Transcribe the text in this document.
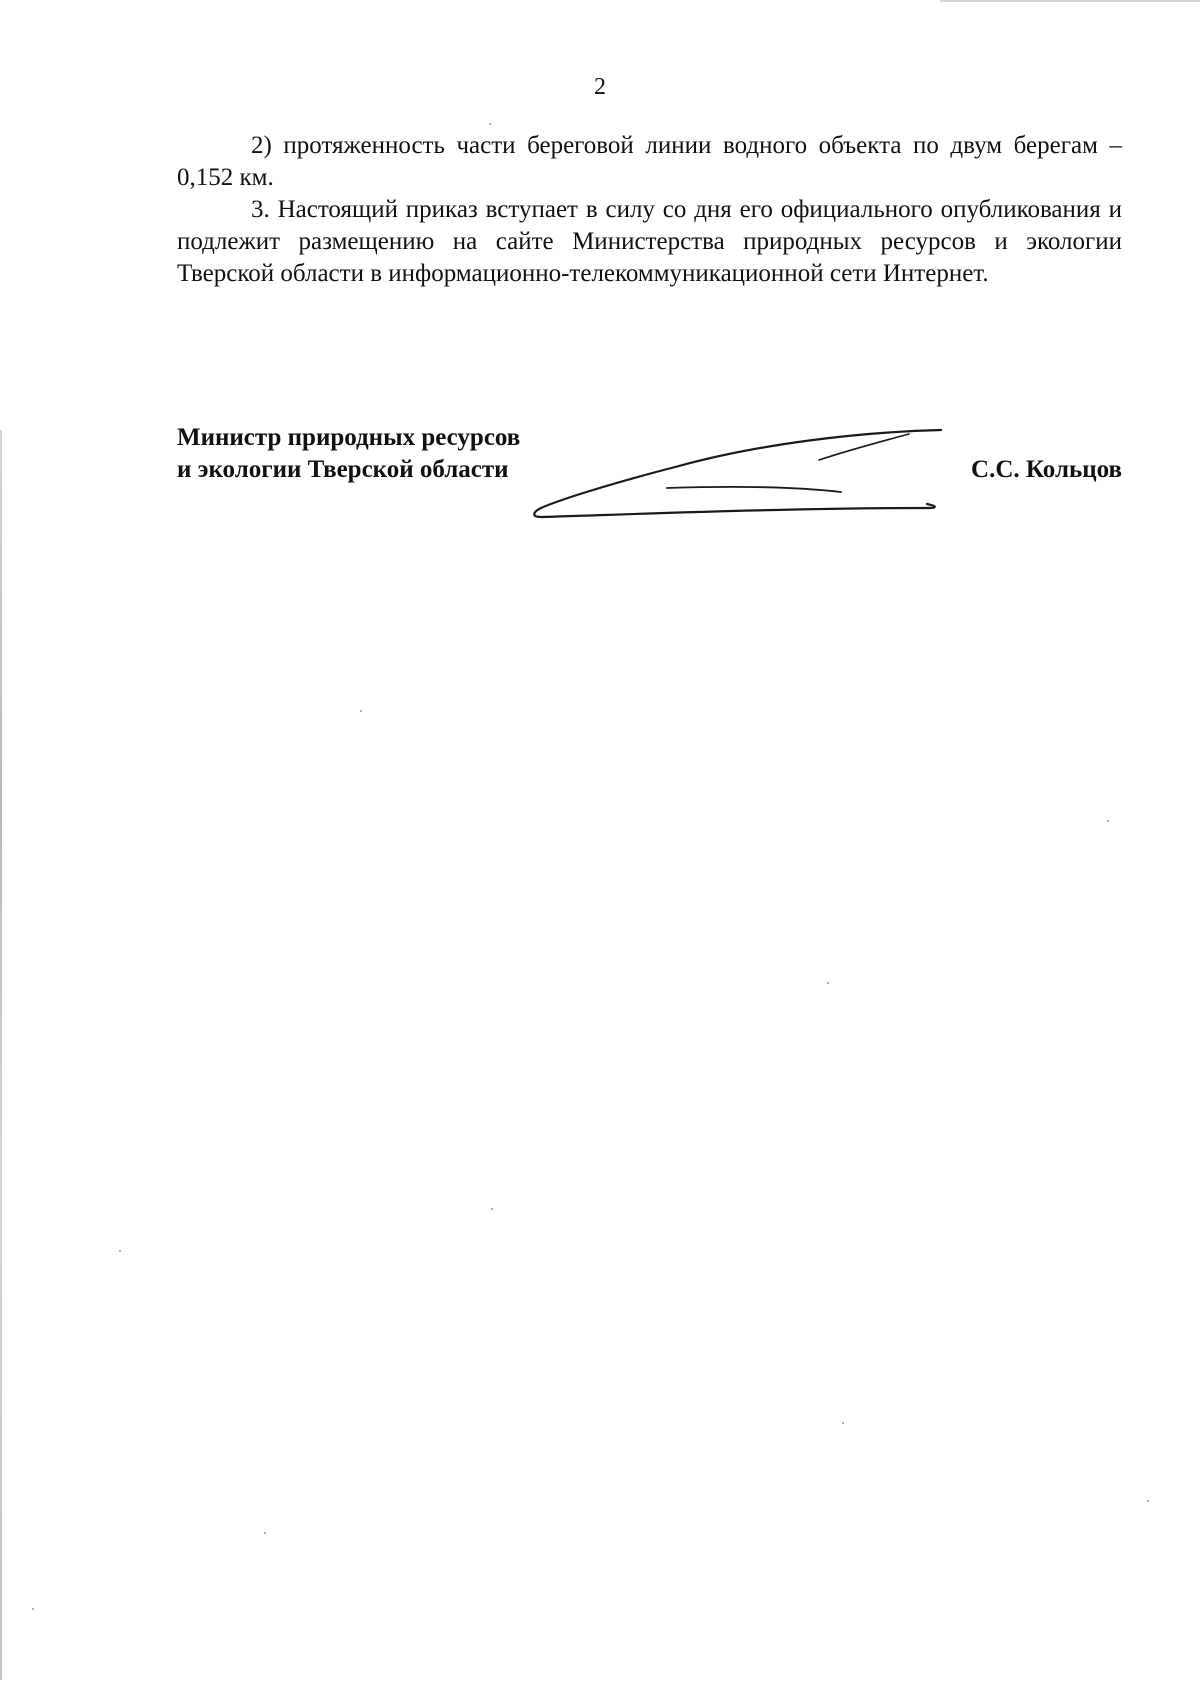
2

2) протяженность части береговой линии водного объекта по двум берегам – 0,152 км.

3. Настоящий приказ вступает в силу со дня его официального опубликования и подлежит размещению на сайте Министерства природных ресурсов и экологии Тверской области в информационно-телекоммуникационной сети Интернет.

Министр природных ресурсов
и экологии Тверской области	С.С. Кольцов
